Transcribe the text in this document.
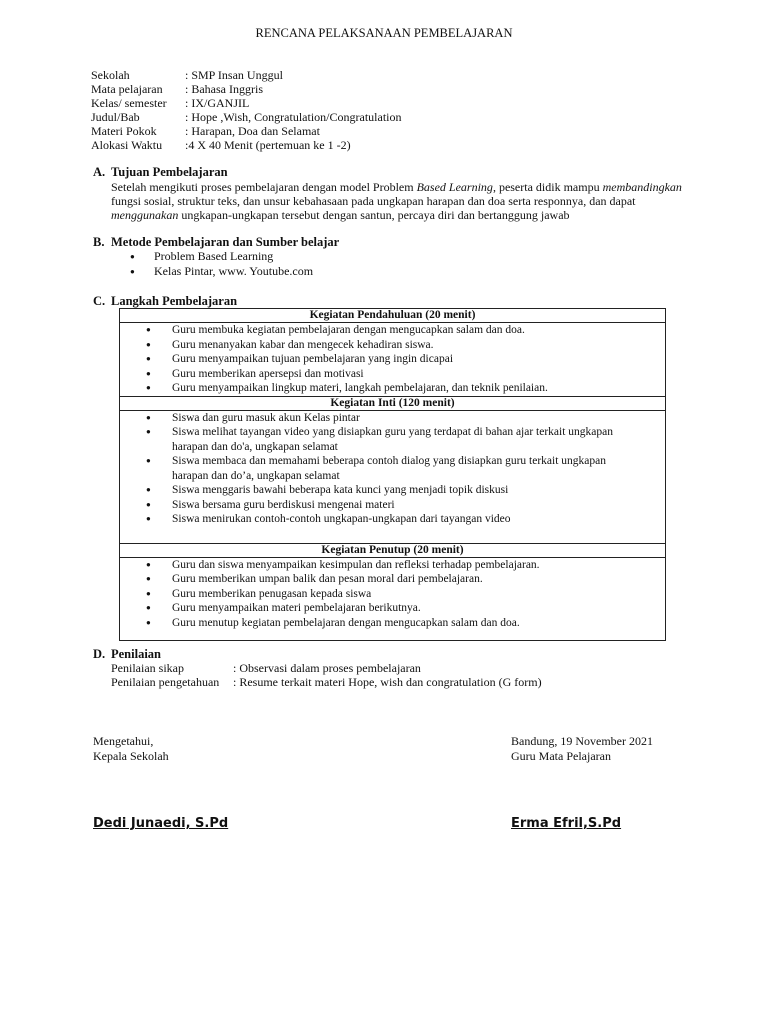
RENCANA PELAKSANAAN PEMBELAJARAN
Sekolah	: SMP Insan Unggul
Mata pelajaran	: Bahasa Inggris
Kelas/ semester	: IX/GANJIL
Judul/Bab	: Hope ,Wish, Congratulation/Congratulation
Materi Pokok	: Harapan, Doa dan Selamat
Alokasi Waktu	:4 X 40 Menit (pertemuan ke 1 -2)
A. Tujuan Pembelajaran
Setelah mengikuti proses pembelajaran dengan model Problem Based Learning, peserta didik mampu membandingkan fungsi sosial, struktur teks, dan unsur kebahasaan pada ungkapan harapan dan doa serta responnya, dan dapat menggunakan ungkapan-ungkapan tersebut dengan santun, percaya diri dan bertanggung jawab
B. Metode Pembelajaran dan Sumber belajar
●	Problem Based Learning
●	Kelas Pintar, www. Youtube.com
C. Langkah Pembelajaran
Kegiatan Pendahuluan (20 menit)

●	Guru membuka kegiatan pembelajaran dengan mengucapkan salam dan doa.
●	Guru menanyakan kabar dan mengecek kehadiran siswa.
●	Guru menyampaikan tujuan pembelajaran yang ingin dicapai
●	Guru memberikan apersepsi dan motivasi
●	Guru menyampaikan lingkup materi, langkah pembelajaran, dan teknik penilaian.

Kegiatan Inti (120 menit)

●	Siswa dan guru masuk akun Kelas pintar
●	Siswa melihat tayangan video yang disiapkan guru yang terdapat di bahan ajar terkait ungkapan harapan dan do'a, ungkapan selamat
●	Siswa membaca dan memahami beberapa contoh dialog yang disiapkan guru terkait ungkapan harapan dan do’a, ungkapan selamat
●	Siswa menggaris bawahi beberapa kata kunci yang menjadi topik diskusi
●	Siswa bersama guru berdiskusi mengenai materi
●	Siswa menirukan contoh-contoh ungkapan-ungkapan dari tayangan video

Kegiatan Penutup (20 menit)

●	Guru dan siswa menyampaikan kesimpulan dan refleksi terhadap pembelajaran.
●	Guru memberikan umpan balik dan pesan moral dari pembelajaran.
●	Guru memberikan penugasan kepada siswa
●	Guru menyampaikan materi pembelajaran berikutnya.
●	Guru menutup kegiatan pembelajaran dengan mengucapkan salam dan doa.
D. Penilaian
Penilaian sikap	: Observasi dalam proses pembelajaran
Penilaian pengetahuan	: Resume terkait materi Hope, wish dan congratulation (G form)
Mengetahui,
Kepala Sekolah
Dedi Junaedi, S.Pd
Bandung, 19 November 2021
Guru Mata Pelajaran
Erma Efril,S.Pd
